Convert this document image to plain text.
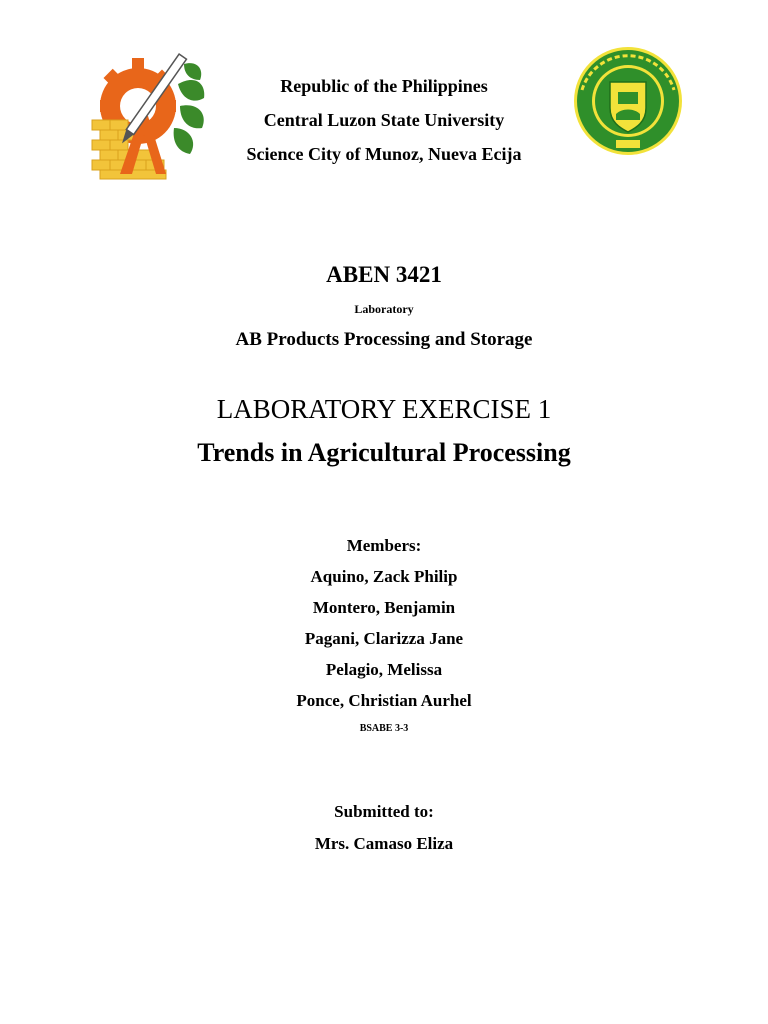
Republic of the Philippines
Central Luzon State University
Science City of Munoz, Nueva Ecija
ABEN 3421
Laboratory
AB Products Processing and Storage
LABORATORY EXERCISE 1
Trends in Agricultural Processing
Members:
Aquino, Zack Philip
Montero, Benjamin
Pagani, Clarizza Jane
Pelagio, Melissa
Ponce, Christian Aurhel
BSABE 3-3
Submitted to:
Mrs. Camaso Eliza
